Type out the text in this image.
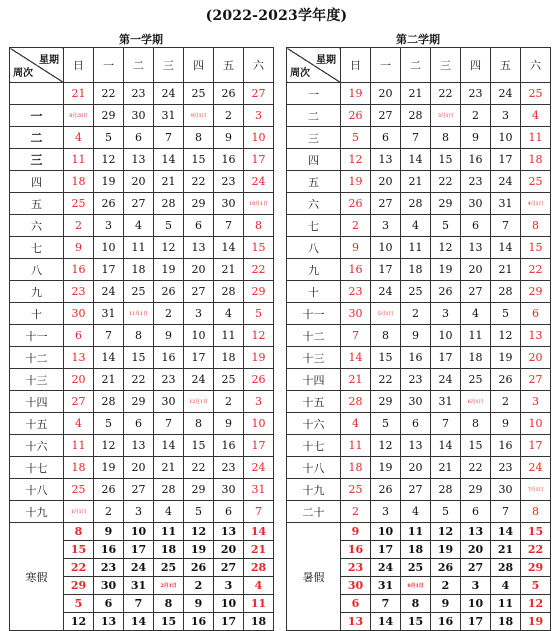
(2022-2023学年度)
第一学期
星期
周次	日	一	二	三	四	五	六
	21	22	23	24	25	26	27
一	8月28日	29	30	31	9月1日	2	3
二	4	5	6	7	8	9	10
三	11	12	13	14	15	16	17
四	18	19	20	21	22	23	24
五	25	26	27	28	29	30	10月1日
六	2	3	4	5	6	7	8
七	9	10	11	12	13	14	15
八	16	17	18	19	20	21	22
九	23	24	25	26	27	28	29
十	30	31	11月1日	2	3	4	5
十一	6	7	8	9	10	11	12
十二	13	14	15	16	17	18	19
十三	20	21	22	23	24	25	26
十四	27	28	29	30	12月1日	2	3
十五	4	5	6	7	8	9	10
十六	11	12	13	14	15	16	17
十七	18	19	20	21	22	23	24
十八	25	26	27	28	29	30	31
十九	1月1日	2	3	4	5	6	7
寒假	8	9	10	11	12	13	14
	15	16	17	18	19	20	21
	22	23	24	25	26	27	28
	29	30	31	2月1日	2	3	4
	5	6	7	8	9	10	11
	12	13	14	15	16	17	18
第二学期
星期
周次	日	一	二	三	四	五	六
一	19	20	21	22	23	24	25
二	26	27	28	3月1日	2	3	4
三	5	6	7	8	9	10	11
四	12	13	14	15	16	17	18
五	19	20	21	22	23	24	25
六	26	27	28	29	30	31	4月1日
七	2	3	4	5	6	7	8
八	9	10	11	12	13	14	15
九	16	17	18	19	20	21	22
十	23	24	25	26	27	28	29
十一	30	5月1日	2	3	4	5	6
十二	7	8	9	10	11	12	13
十三	14	15	16	17	18	19	20
十四	21	22	23	24	25	26	27
十五	28	29	30	31	6月1日	2	3
十六	4	5	6	7	8	9	10
十七	11	12	13	14	15	16	17
十八	18	19	20	21	22	23	24
十九	25	26	27	28	29	30	7月1日
二十	2	3	4	5	6	7	8
暑假	9	10	11	12	13	14	15
	16	17	18	19	20	21	22
	23	24	25	26	27	28	29
	30	31	8月1日	2	3	4	5
	6	7	8	9	10	11	12
	13	14	15	16	17	18	19
